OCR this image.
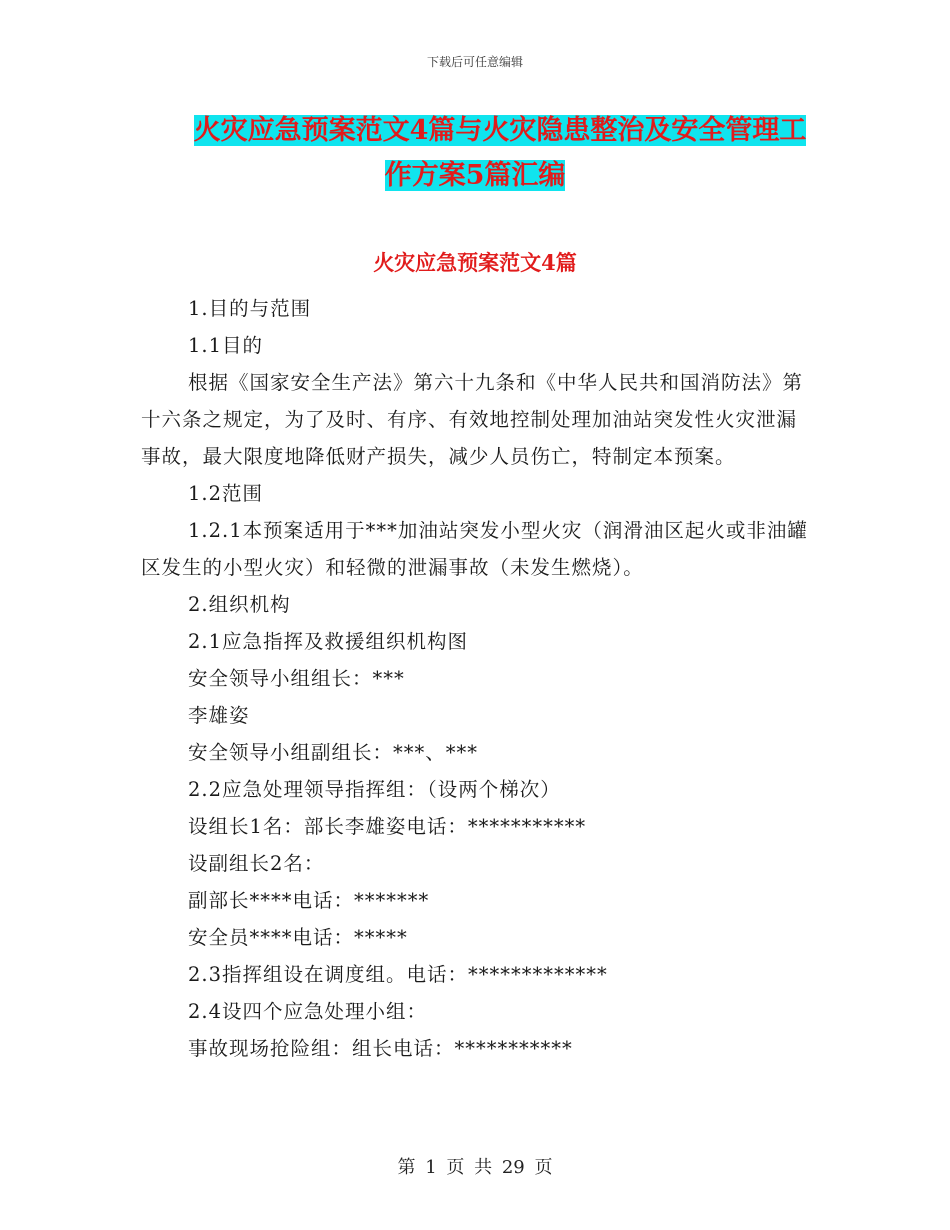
下载后可任意编辑
火灾应急预案范文4篇与火灾隐患整治及安全管理工
作方案5篇汇编
火灾应急预案范文4篇

1.目的与范围

1.1目的

根据《国家安全生产法》第六十九条和《中华人民共和国消防法》第十六条之规定，为了及时、有序、有效地控制处理加油站突发性火灾泄漏事故，最大限度地降低财产损失，减少人员伤亡，特制定本预案。

1.2范围

1.2.1本预案适用于***加油站突发小型火灾（润滑油区起火或非油罐区发生的小型火灾）和轻微的泄漏事故（未发生燃烧）。

2.组织机构

2.1应急指挥及救援组织机构图

安全领导小组组长：***

李雄姿

安全领导小组副组长：***、***

2.2应急处理领导指挥组：（设两个梯次）

设组长1名：部长李雄姿电话：***********

设副组长2名：

副部长****电话：*******

安全员****电话：*****

2.3指挥组设在调度组。电话：*************

2.4设四个应急处理小组：

事故现场抢险组：组长电话：***********

第 1 页 共 29 页
